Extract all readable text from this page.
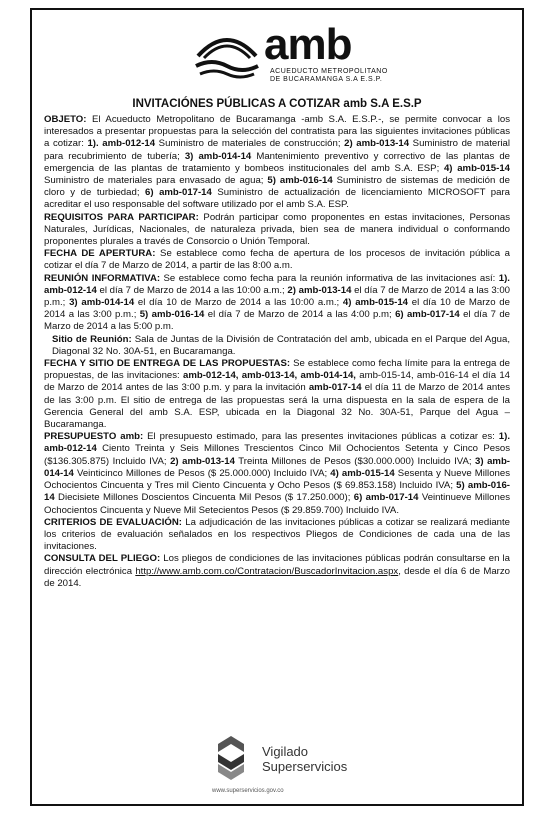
amb
ACUEDUCTO METROPOLITANO
DE BUCARAMANGA S.A E.S.P.
INVITACIÓNES PÚBLICAS A COTIZAR amb S.A E.S.P

OBJETO: El Acueducto Metropolitano de Bucaramanga -amb S.A. E.S.P.-, se permite convocar a los interesados a presentar propuestas para la selección del contratista para las siguientes invitaciones públicas a cotizar: 1). amb-012-14 Suministro de materiales de construcción; 2) amb-013-14 Suministro de material para recubrimiento de tubería; 3) amb-014-14 Mantenimiento preventivo y correctivo de las plantas de emergencia de las plantas de tratamiento y bombeos institucionales del amb S.A. ESP; 4) amb-015-14 Suministro de materiales para envasado de agua; 5) amb-016-14 Suministro de sistemas de medición de cloro y de turbiedad; 6) amb-017-14 Suministro de actualización de licenciamiento MICROSOFT para acreditar el uso responsable del software utilizado por el amb S.A. ESP.

REQUISITOS PARA PARTICIPAR: Podrán participar como proponentes en estas invitaciones, Personas Naturales, Jurídicas, Nacionales, de naturaleza privada, bien sea de manera individual o conformando proponentes plurales a través de Consorcio o Unión Temporal.

FECHA DE APERTURA: Se establece como fecha de apertura de los procesos de invitación pública a cotizar el día 7 de Marzo de 2014, a partir de las 8:00 a.m.

REUNIÓN INFORMATIVA: Se establece como fecha para la reunión informativa de las invitaciones así: 1). amb-012-14 el día 7 de Marzo de 2014 a las 10:00 a.m.; 2) amb-013-14 el día 7 de Marzo de 2014 a las 3:00 p.m.; 3) amb-014-14 el día 10 de Marzo de 2014 a las 10:00 a.m.; 4) amb-015-14 el día 10 de Marzo de 2014 a las 3:00 p.m.; 5) amb-016-14 el día 7 de Marzo de 2014 a las 4:00 p.m; 6) amb-017-14 el día 7 de Marzo de 2014 a las 5:00 p.m.

Sitio de Reunión: Sala de Juntas de la División de Contratación del amb, ubicada en el Parque del Agua, Diagonal 32 No. 30A-51, en Bucaramanga.

FECHA Y SITIO DE ENTREGA DE LAS PROPUESTAS: Se establece como fecha límite para la entrega de propuestas, de las invitaciones: amb-012-14, amb-013-14, amb-014-14, amb-015-14, amb-016-14 el día 14 de Marzo de 2014 antes de las 3:00 p.m. y para la invitación amb-017-14 el día 11 de Marzo de 2014 antes de las 3:00 p.m. El sitio de entrega de las propuestas será la urna dispuesta en la sala de espera de la Gerencia General del amb S.A. ESP, ubicada en la Diagonal 32 No. 30A-51, Parque del Agua – Bucaramanga.

PRESUPUESTO amb: El presupuesto estimado, para las presentes invitaciones públicas a cotizar es: 1). amb-012-14 Ciento Treinta y Seis Millones Trescientos Cinco Mil Ochocientos Setenta y Cinco Pesos ($136.305.875) Incluido IVA; 2) amb-013-14 Treinta Millones de Pesos ($30.000.000) Incluido IVA; 3) amb-014-14 Veinticinco Millones de Pesos ($ 25.000.000) Incluido IVA; 4) amb-015-14 Sesenta y Nueve Millones Ochocientos Cincuenta y Tres mil Ciento Cincuenta y Ocho Pesos ($ 69.853.158) Incluido IVA; 5) amb-016-14 Diecisiete Millones Doscientos Cincuenta Mil Pesos ($ 17.250.000); 6) amb-017-14 Veintinueve Millones Ochocientos Cincuenta y Nueve Mil Setecientos Pesos ($ 29.859.700) Incluido IVA.

CRITERIOS DE EVALUACIÓN: La adjudicación de las invitaciones públicas a cotizar se realizará mediante los criterios de evaluación señalados en los respectivos Pliegos de Condiciones de cada una de las invitaciones.

CONSULTA DEL PLIEGO: Los pliegos de condiciones de las invitaciones públicas podrán consultarse en la dirección electrónica http://www.amb.com.co/Contratacion/BuscadorInvitacion.aspx, desde el día 6 de Marzo de 2014.

Vigilado
Superservicios
www.superservicios.gov.co
